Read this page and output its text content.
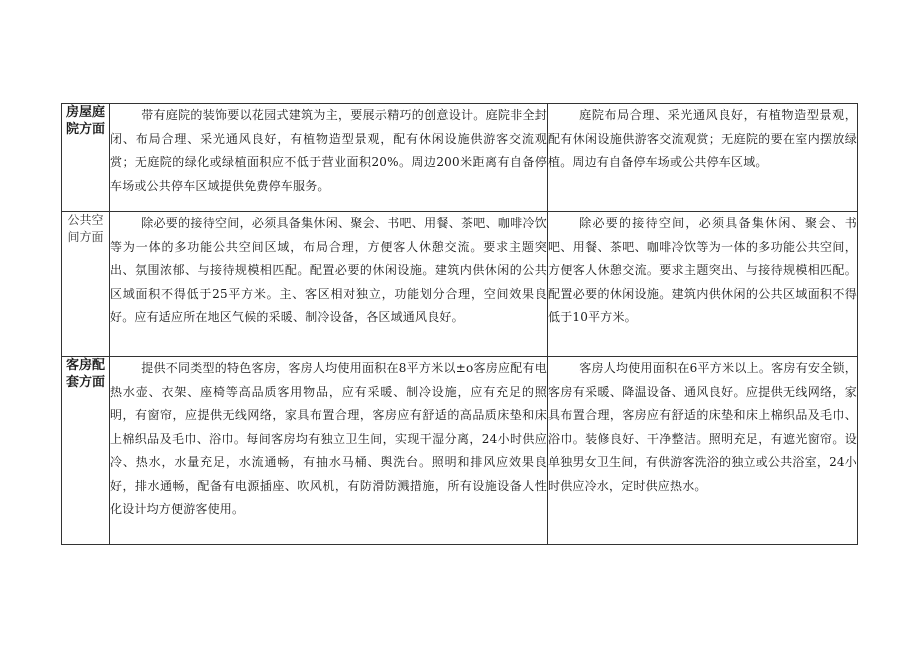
房屋庭院方面	带有庭院的装饰要以花园式建筑为主，要展示精巧的创意设计。庭院非全封闭、布局合理、采光通风良好，有植物造型景观，配有休闲设施供游客交流观赏；无庭院的绿化或绿植面积应不低于营业面积20%。周边200米距离有自备停车场或公共停车区域提供免费停车服务。	庭院布局合理、采光通风良好，有植物造型景观，配有休闲设施供游客交流观赏；无庭院的要在室内摆放绿植。周边有自备停车场或公共停车区域。

公共空间方面	除必要的接待空间，必须具备集休闲、聚会、书吧、用餐、茶吧、咖啡冷饮等为一体的多功能公共空间区域，布局合理，方便客人休憩交流。要求主题突出、氛围浓郁、与接待规模相匹配。配置必要的休闲设施。建筑内供休闲的公共区域面积不得低于25平方米。主、客区相对独立，功能划分合理，空间效果良好。应有适应所在地区气候的采暖、制冷设备，各区域通风良好。	除必要的接待空间，必须具备集休闲、聚会、书吧、用餐、茶吧、咖啡冷饮等为一体的多功能公共空间，方便客人休憩交流。要求主题突出、与接待规模相匹配。配置必要的休闲设施。建筑内供休闲的公共区域面积不得低于10平方米。

客房配套方面	提供不同类型的特色客房，客房人均使用面积在8平方米以±o客房应配有电热水壶、衣架、座椅等高品质客用物品，应有采暖、制冷设施，应有充足的照明，有窗帘，应提供无线网络，家具布置合理，客房应有舒适的高品质床垫和床上棉织品及毛巾、浴巾。每间客房均有独立卫生间，实现干湿分离，24小时供应冷、热水，水量充足，水流通畅，有抽水马桶、舆洗台。照明和排风应效果良好，排水通畅，配备有电源插座、吹风机，有防滑防溅措施，所有设施设备人性化设计均方便游客使用。	客房人均使用面积在6平方米以上。客房有安全锁，客房有采暖、降温设备、通风良好。应提供无线网络，家具布置合理，客房应有舒适的床垫和床上棉织品及毛巾、浴巾。装修良好、干净整洁。照明充足，有遮光窗帘。设单独男女卫生间，有供游客洗浴的独立或公共浴室，24小时供应冷水，定时供应热水。
